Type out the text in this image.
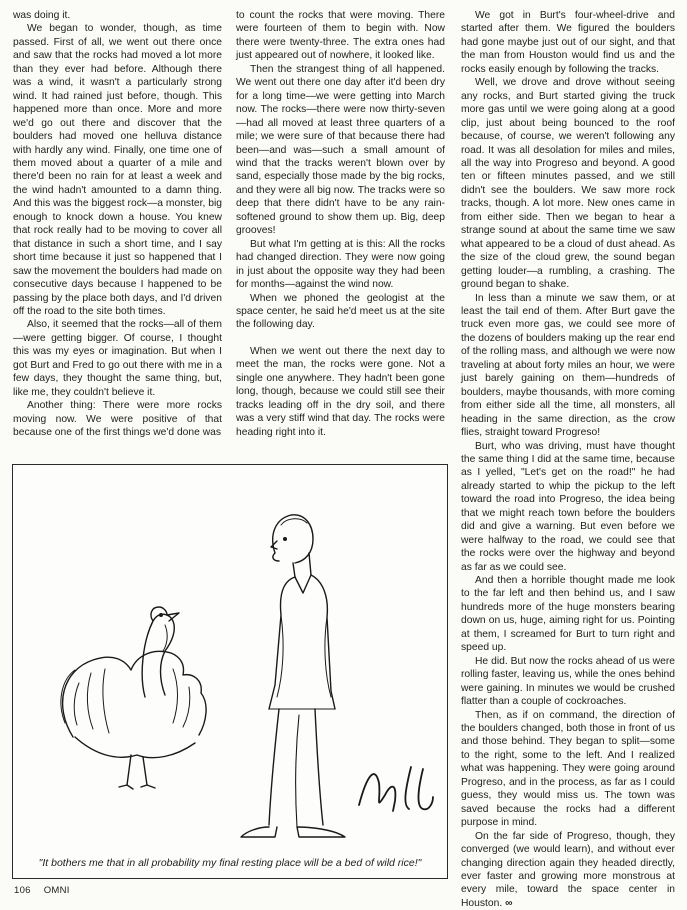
was doing it.

We began to wonder, though, as time passed. First of all, we went out there once and saw that the rocks had moved a lot more than they ever had before. Although there was a wind, it wasn't a particularly strong wind. It had rained just before, though. This happened more than once. More and more we'd go out there and discover that the boulders had moved one helluva distance with hardly any wind. Finally, one time one of them moved about a quarter of a mile and there'd been no rain for at least a week and the wind hadn't amounted to a damn thing. And this was the biggest rock—a monster, big enough to knock down a house. You knew that rock really had to be moving to cover all that distance in such a short time, and I say short time because it just so happened that I saw the movement the boulders had made on consecutive days because I happened to be passing by the place both days, and I'd driven off the road to the site both times.

Also, it seemed that the rocks—all of them—were getting bigger. Of course, I thought this was my eyes or imagination. But when I got Burt and Fred to go out there with me in a few days, they thought the same thing, but, like me, they couldn't believe it.

Another thing: There were more rocks moving now. We were positive of that because one of the first things we'd done was

to count the rocks that were moving. There were fourteen of them to begin with. Now there were twenty-three. The extra ones had just appeared out of nowhere, it looked like.

Then the strangest thing of all happened. We went out there one day after it'd been dry for a long time—we were getting into March now. The rocks—there were now thirty-seven—had all moved at least three quarters of a mile; we were sure of that because there had been—and was—such a small amount of wind that the tracks weren't blown over by sand, especially those made by the big rocks, and they were all big now. The tracks were so deep that there didn't have to be any rain-softened ground to show them up. Big, deep grooves!

But what I'm getting at is this: All the rocks had changed direction. They were now going in just about the opposite way they had been for months—against the wind now.

When we phoned the geologist at the space center, he said he'd meet us at the site the following day.

When we went out there the next day to meet the man, the rocks were gone. Not a single one anywhere. They hadn't been gone long, though, because we could still see their tracks leading off in the dry soil, and there was a very stiff wind that day. The rocks were heading right into it.

We got in Burt's four-wheel-drive and started after them. We figured the boulders had gone maybe just out of our sight, and that the man from Houston would find us and the rocks easily enough by following the tracks.

Well, we drove and drove without seeing any rocks, and Burt started giving the truck more gas until we were going along at a good clip, just about being bounced to the roof because, of course, we weren't following any road. It was all desolation for miles and miles, all the way into Progreso and beyond. A good ten or fifteen minutes passed, and we still didn't see the boulders. We saw more rock tracks, though. A lot more. New ones came in from either side. Then we began to hear a strange sound at about the same time we saw what appeared to be a cloud of dust ahead. As the size of the cloud grew, the sound began getting louder—a rumbling, a crashing. The ground began to shake.

In less than a minute we saw them, or at least the tail end of them. After Burt gave the truck even more gas, we could see more of the dozens of boulders making up the rear end of the rolling mass, and although we were now traveling at about forty miles an hour, we were just barely gaining on them—hundreds of boulders, maybe thousands, with more coming from either side all the time, all monsters, all heading in the same direction, as the crow flies, straight toward Progreso!

Burt, who was driving, must have thought the same thing I did at the same time, because as I yelled, "Let's get on the road!" he had already started to whip the pickup to the left toward the road into Progreso, the idea being that we might reach town before the boulders did and give a warning. But even before we were halfway to the road, we could see that the rocks were over the highway and beyond as far as we could see.

And then a horrible thought made me look to the far left and then behind us, and I saw hundreds more of the huge monsters bearing down on us, huge, aiming right for us. Pointing at them, I screamed for Burt to turn right and speed up.

He did. But now the rocks ahead of us were rolling faster, leaving us, while the ones behind were gaining. In minutes we would be crushed flatter than a couple of cockroaches.

Then, as if on command, the direction of the boulders changed, both those in front of us and those behind. They began to split—some to the right, some to the left. And I realized what was happening. They were going around Progreso, and in the process, as far as I could guess, they would miss us. The town was saved because the rocks had a different purpose in mind.

On the far side of Progreso, though, they converged (we would learn), and without ever changing direction again they headed directly, ever faster and growing more monstrous at every mile, toward the space center in Houston. ∞

"It bothers me that in all probability my final resting place will be a bed of wild rice!"
106 OMNI
